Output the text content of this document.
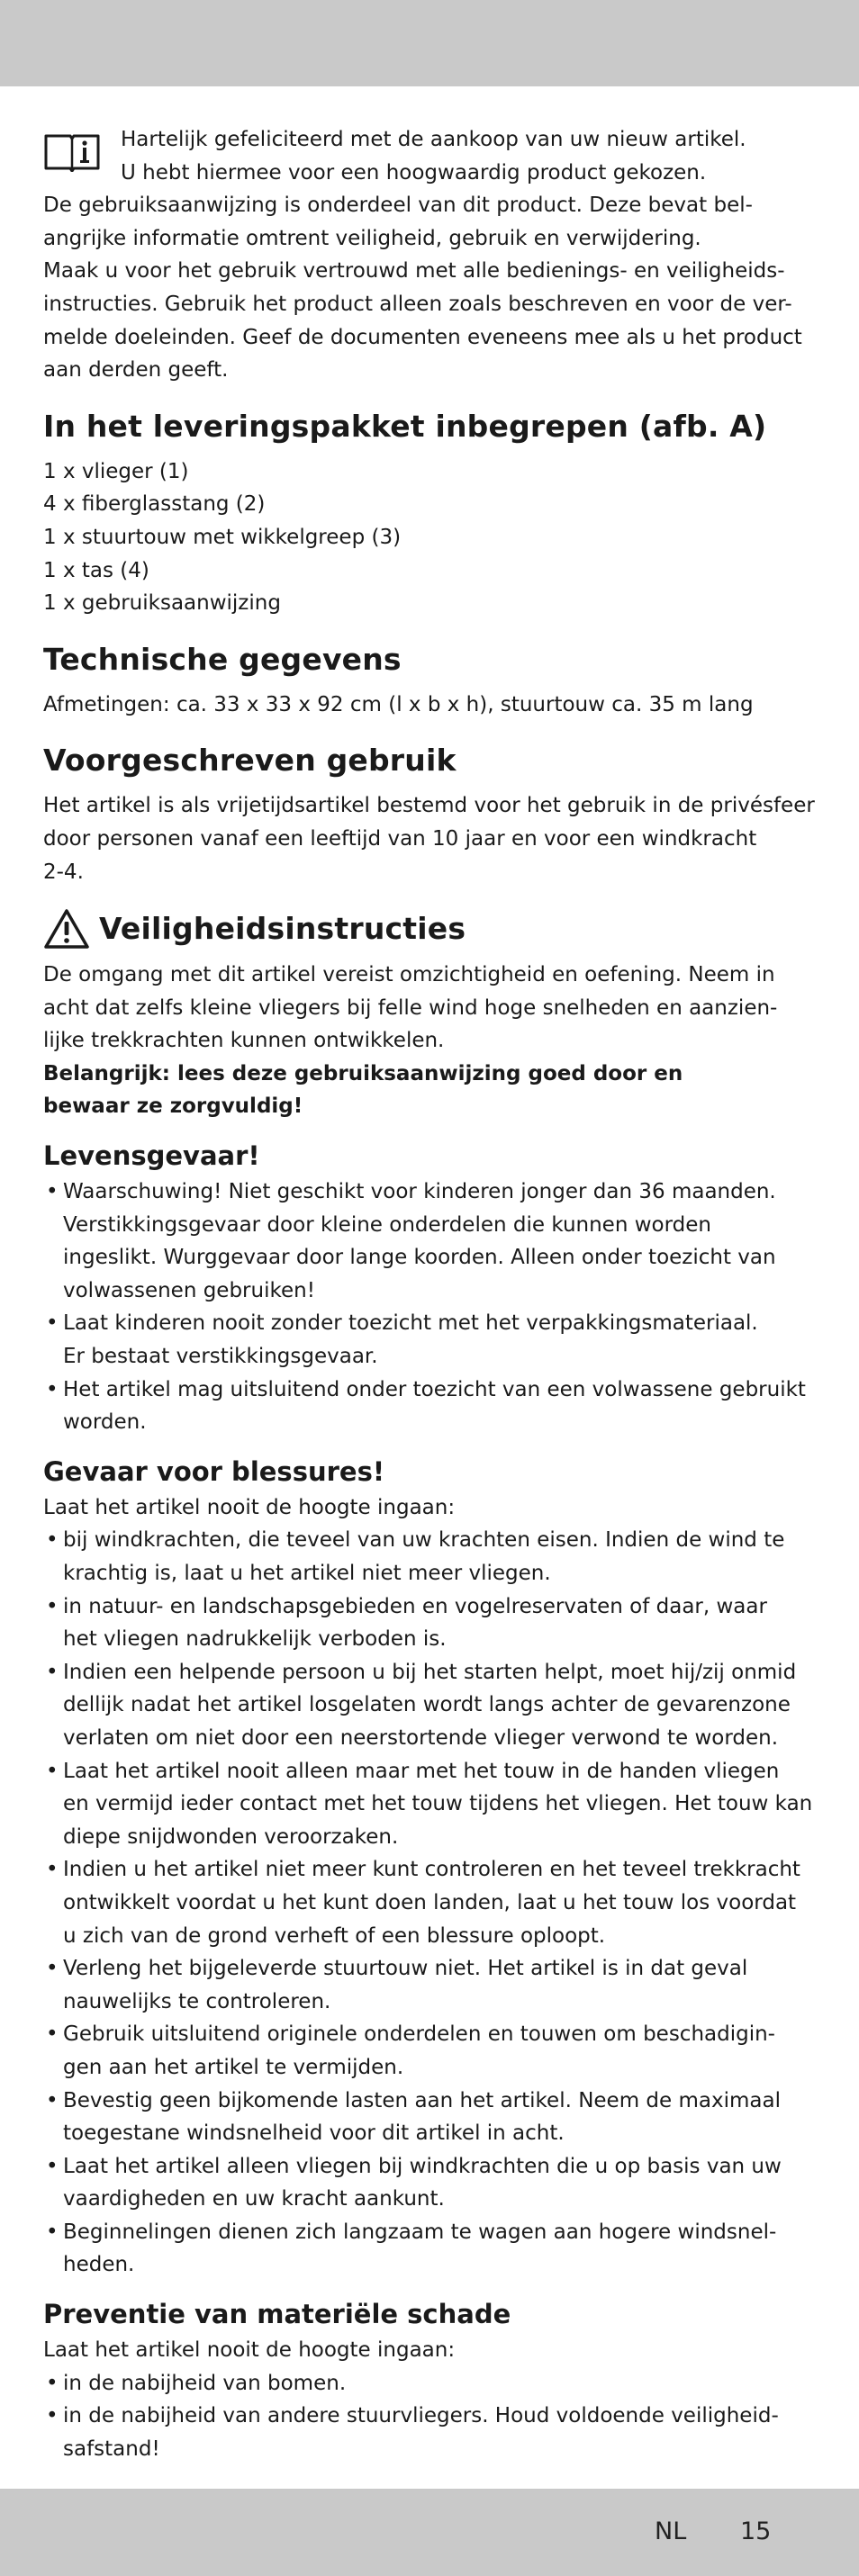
Hartelijk gefeliciteerd met de aankoop van uw nieuw artikel.

U hebt hiermee voor een hoogwaardig product gekozen.

De gebruiksaanwijzing is onderdeel van dit product. Deze bevat bel-

angrijke informatie omtrent veiligheid, gebruik en verwijdering.

Maak u voor het gebruik vertrouwd met alle bedienings- en veiligheids-

instructies. Gebruik het product alleen zoals beschreven en voor de ver-

melde doeleinden. Geef de documenten eveneens mee als u het product

aan derden geeft.

In het leveringspakket inbegrepen (afb. A)
1 x vlieger (1)
4 x fiberglasstang (2)
1 x stuurtouw met wikkelgreep (3)
1 x tas (4)
1 x gebruiksaanwijzing
Technische gegevens

Afmetingen: ca. 33 x 33 x 92 cm (l x b x h), stuurtouw ca. 35 m lang

Voorgeschreven gebruik

Het artikel is als vrijetijdsartikel bestemd voor het gebruik in de privésfeer

door personen vanaf een leeftijd van 10 jaar en voor een windkracht

2-4.

Veiligheidsinstructies

De omgang met dit artikel vereist omzichtigheid en oefening. Neem in

acht dat zelfs kleine vliegers bij felle wind hoge snelheden en aanzien-

lijke trekkrachten kunnen ontwikkelen.

Belangrijk: lees deze gebruiksaanwijzing goed door en

bewaar ze zorgvuldig!

Levensgevaar!
• Waarschuwing! Niet geschikt voor kinderen jonger dan 36 maanden.
Verstikkingsgevaar door kleine onderdelen die kunnen worden
ingeslikt. Wurggevaar door lange koorden. Alleen onder toezicht van
volwassenen gebruiken!
• Laat kinderen nooit zonder toezicht met het verpakkingsmateriaal.
Er bestaat verstikkingsgevaar.
• Het artikel mag uitsluitend onder toezicht van een volwassene gebruikt
worden.
Gevaar voor blessures!

Laat het artikel nooit de hoogte ingaan:

• bij windkrachten, die teveel van uw krachten eisen. Indien de wind te
krachtig is, laat u het artikel niet meer vliegen.
• in natuur- en landschapsgebieden en vogelreservaten of daar, waar
het vliegen nadrukkelijk verboden is.
• Indien een helpende persoon u bij het starten helpt, moet hij/zij onmid
dellijk nadat het artikel losgelaten wordt langs achter de gevarenzone
verlaten om niet door een neerstortende vlieger verwond te worden.
• Laat het artikel nooit alleen maar met het touw in de handen vliegen
en vermijd ieder contact met het touw tijdens het vliegen. Het touw kan
diepe snijdwonden veroorzaken.
• Indien u het artikel niet meer kunt controleren en het teveel trekkracht
ontwikkelt voordat u het kunt doen landen, laat u het touw los voordat
u zich van de grond verheft of een blessure oploopt.
• Verleng het bijgeleverde stuurtouw niet. Het artikel is in dat geval
nauwelijks te controleren.
• Gebruik uitsluitend originele onderdelen en touwen om beschadigin-
gen aan het artikel te vermijden.
• Bevestig geen bijkomende lasten aan het artikel. Neem de maximaal
toegestane windsnelheid voor dit artikel in acht.
• Laat het artikel alleen vliegen bij windkrachten die u op basis van uw
vaardigheden en uw kracht aankunt.
• Beginnelingen dienen zich langzaam te wagen aan hogere windsnel-
heden.
Preventie van materiële schade

Laat het artikel nooit de hoogte ingaan:

• in de nabijheid van bomen.
• in de nabijheid van andere stuurvliegers. Houd voldoende veiligheid-
safstand!
NL 15
